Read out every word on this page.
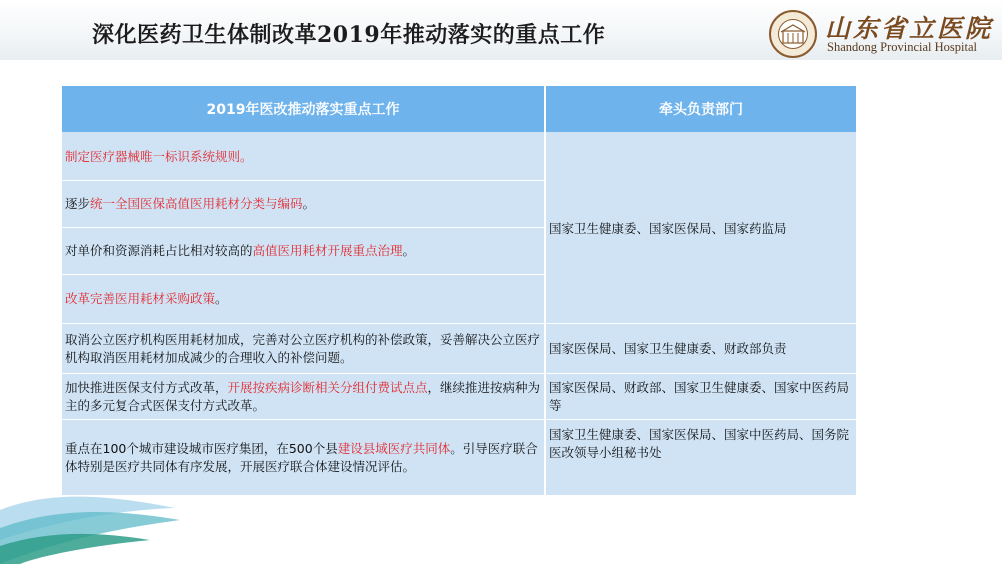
深化医药卫生体制改革2019年推动落实的重点工作	山东省立医院
Shandong Provincial Hospital
2019年医改推动落实重点工作	牵头负责部门
制定医疗器械唯一标识系统规则。
逐步统一全国医保高值医用耗材分类与编码。
对单价和资源消耗占比相对较高的高值医用耗材开展重点治理。
改革完善医用耗材采购政策。
取消公立医疗机构医用耗材加成，完善对公立医疗机构的补偿政策，妥善解决公立医疗机构取消医用耗材加成减少的合理收入的补偿问题。
加快推进医保支付方式改革，开展按疾病诊断相关分组付费试点点，继续推进按病种为主的多元复合式医保支付方式改革。
重点在100个城市建设城市医疗集团，在500个县建设县域医疗共同体。引导医疗联合体特别是医疗共同体有序发展，开展医疗联合体建设情况评估。
国家卫生健康委、国家医保局、国家药监局
国家医保局、国家卫生健康委、财政部负责
国家医保局、财政部、国家卫生健康委、国家中医药局等
国家卫生健康委、国家医保局、国家中医药局、国务院医改领导小组秘书处
